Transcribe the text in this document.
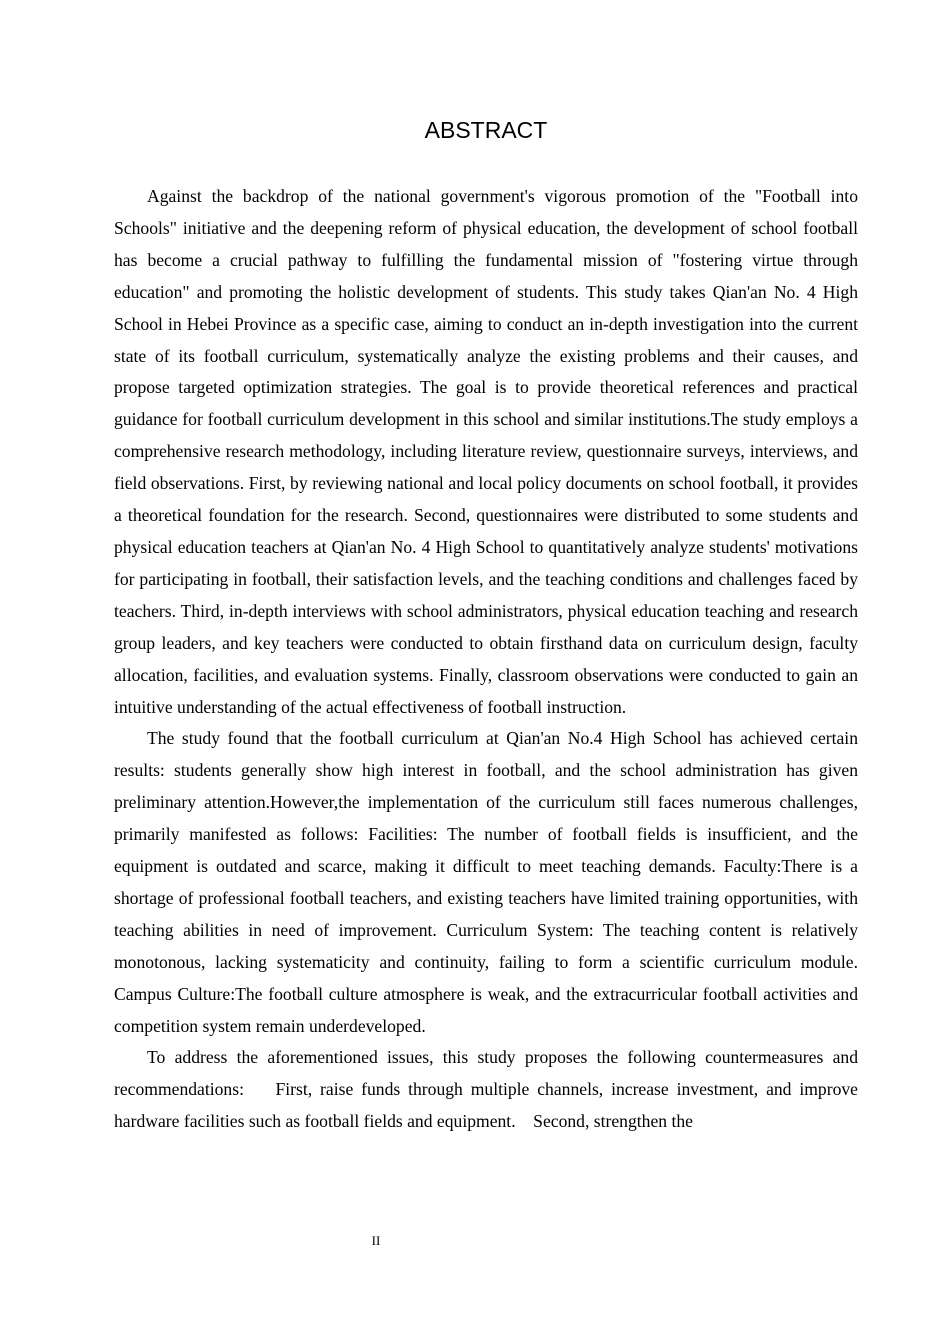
ABSTRACT

Against the backdrop of the national government's vigorous promotion of the "Football into Schools" initiative and the deepening reform of physical education, the development of school football has become a crucial pathway to fulfilling the fundamental mission of "fostering virtue through education" and promoting the holistic development of students. This study takes Qian'an No. 4 High School in Hebei Province as a specific case, aiming to conduct an in-depth investigation into the current state of its football curriculum, systematically analyze the existing problems and their causes, and propose targeted optimization strategies. The goal is to provide theoretical references and practical guidance for football curriculum development in this school and similar institutions.The study employs a comprehensive research methodology, including literature review, questionnaire surveys, interviews, and field observations. First, by reviewing national and local policy documents on school football, it provides a theoretical foundation for the research. Second, questionnaires were distributed to some students and physical education teachers at Qian'an No. 4 High School to quantitatively analyze students' motivations for participating in football, their satisfaction levels, and the teaching conditions and challenges faced by teachers. Third, in-depth interviews with school administrators, physical education teaching and research group leaders, and key teachers were conducted to obtain firsthand data on curriculum design, faculty allocation, facilities, and evaluation systems. Finally, classroom observations were conducted to gain an intuitive understanding of the actual effectiveness of football instruction.

The study found that the football curriculum at Qian'an No.4 High School has achieved certain results: students generally show high interest in football, and the school administration has given preliminary attention.However,the implementation of the curriculum still faces numerous challenges, primarily manifested as follows: Facilities: The number of football fields is insufficient, and the equipment is outdated and scarce, making it difficult to meet teaching demands. Faculty:There is a shortage of professional football teachers, and existing teachers have limited training opportunities, with teaching abilities in need of improvement. Curriculum System: The teaching content is relatively monotonous, lacking systematicity and continuity, failing to form a scientific curriculum module. Campus Culture:The football culture atmosphere is weak, and the extracurricular football activities and competition system remain underdeveloped.

To address the aforementioned issues, this study proposes the following countermeasures and recommendations:    First, raise funds through multiple channels, increase investment, and improve hardware facilities such as football fields and equipment.    Second, strengthen the

II
